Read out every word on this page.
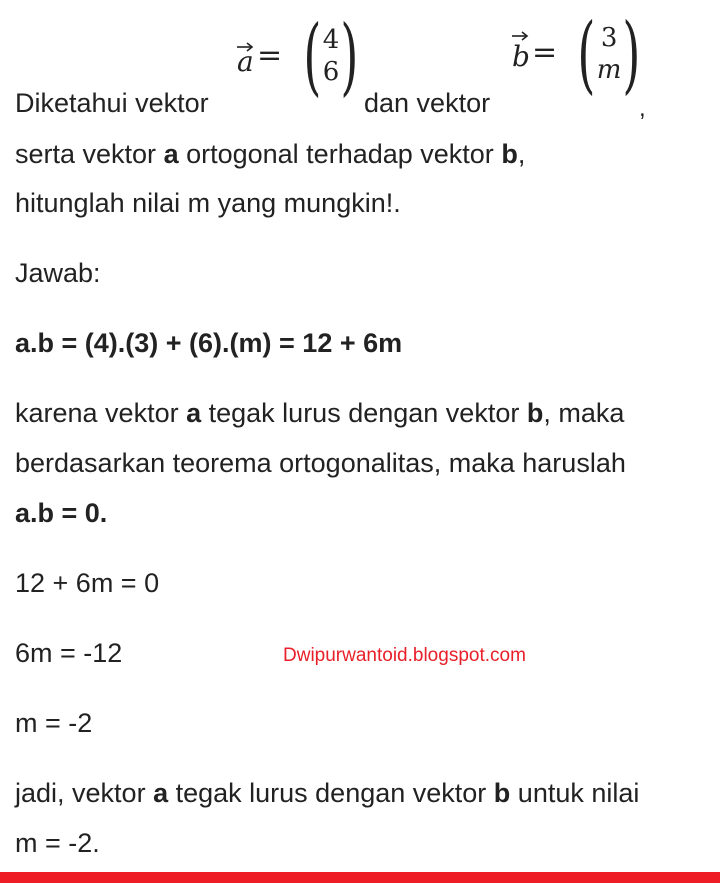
Diketahui vektor
a = ( 4
6 ) dan vektor
b = ( 3
m )
,
serta vektor a ortogonal terhadap vektor b,
hitunglah nilai m yang mungkin!.
Jawab:
a.b = (4).(3) + (6).(m) = 12 + 6m
karena vektor a tegak lurus dengan vektor b, maka
berdasarkan teorema ortogonalitas, maka haruslah
a.b = 0.
12 + 6m = 0
6m = -12	Dwipurwantoid.blogspot.com
m = -2
jadi, vektor a tegak lurus dengan vektor b untuk nilai
m = -2.
